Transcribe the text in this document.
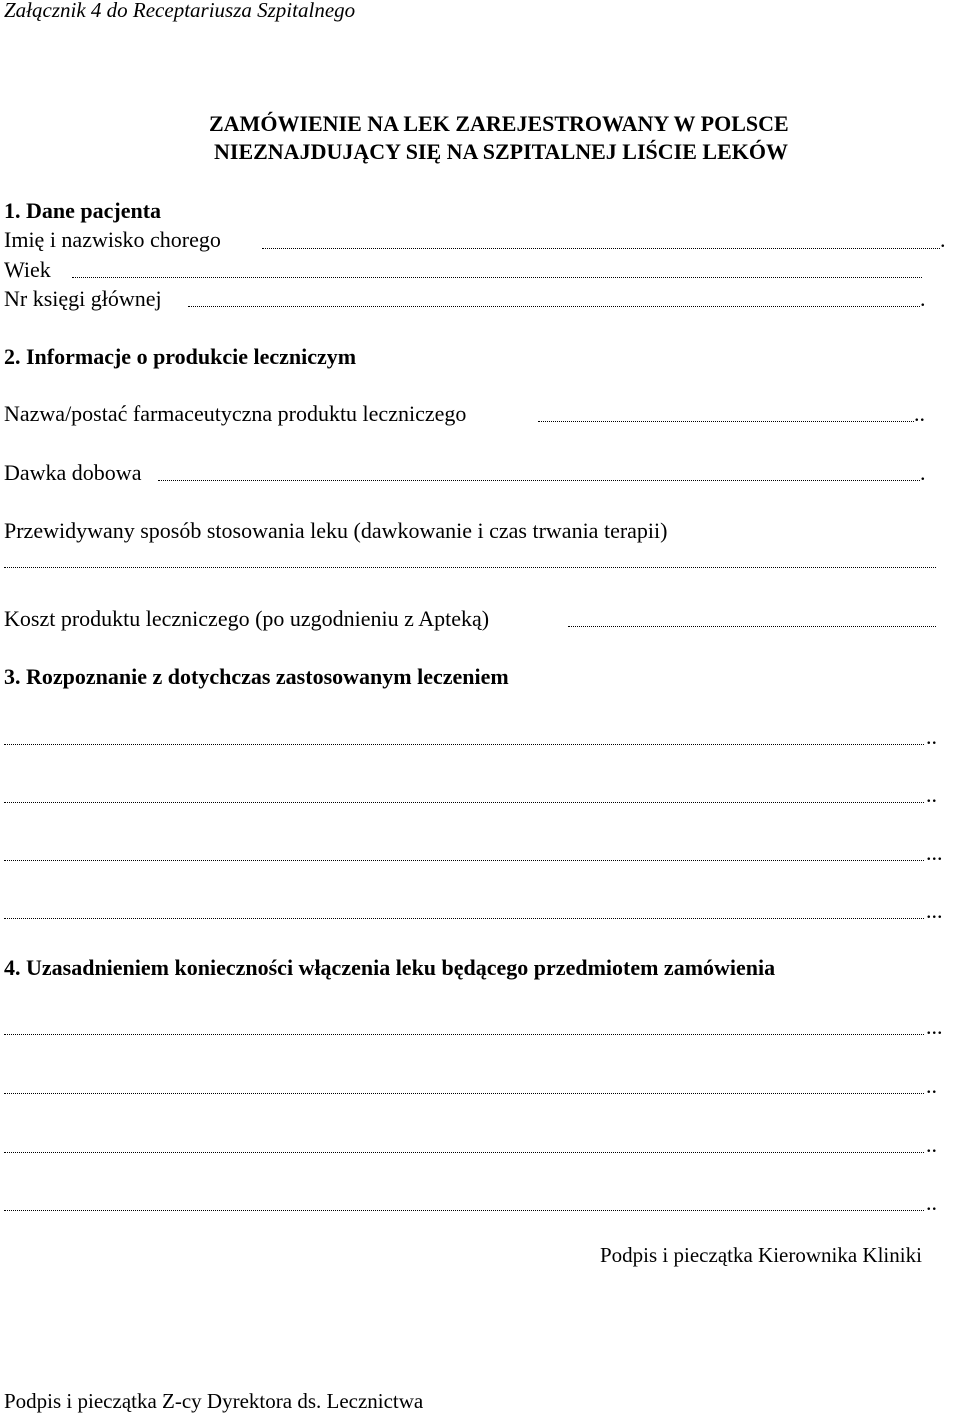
Załącznik 4 do Receptariusza Szpitalnego
ZAMÓWIENIE NA LEK ZAREJESTROWANY W POLSCE
NIEZNAJDUJĄCY SIĘ NA SZPITALNEJ LIŚCIE LEKÓW
1. Dane pacjenta
Imię i nazwisko chorego	.
Wiek
Nr księgi głównej	.
2. Informacje o produkcie leczniczym
Nazwa/postać farmaceutyczna produktu leczniczego	..
Dawka dobowa	.
Przewidywany sposób stosowania leku (dawkowanie i czas trwania terapii)
Koszt produktu leczniczego (po uzgodnieniu z Apteką)
3. Rozpoznanie z dotychczas zastosowanym leczeniem
..
..
...
...
4. Uzasadnieniem konieczności włączenia leku będącego przedmiotem zamówienia
...
..
..
..
Podpis i pieczątka Kierownika Kliniki
Podpis i pieczątka Z-cy Dyrektora ds. Lecznictwa
